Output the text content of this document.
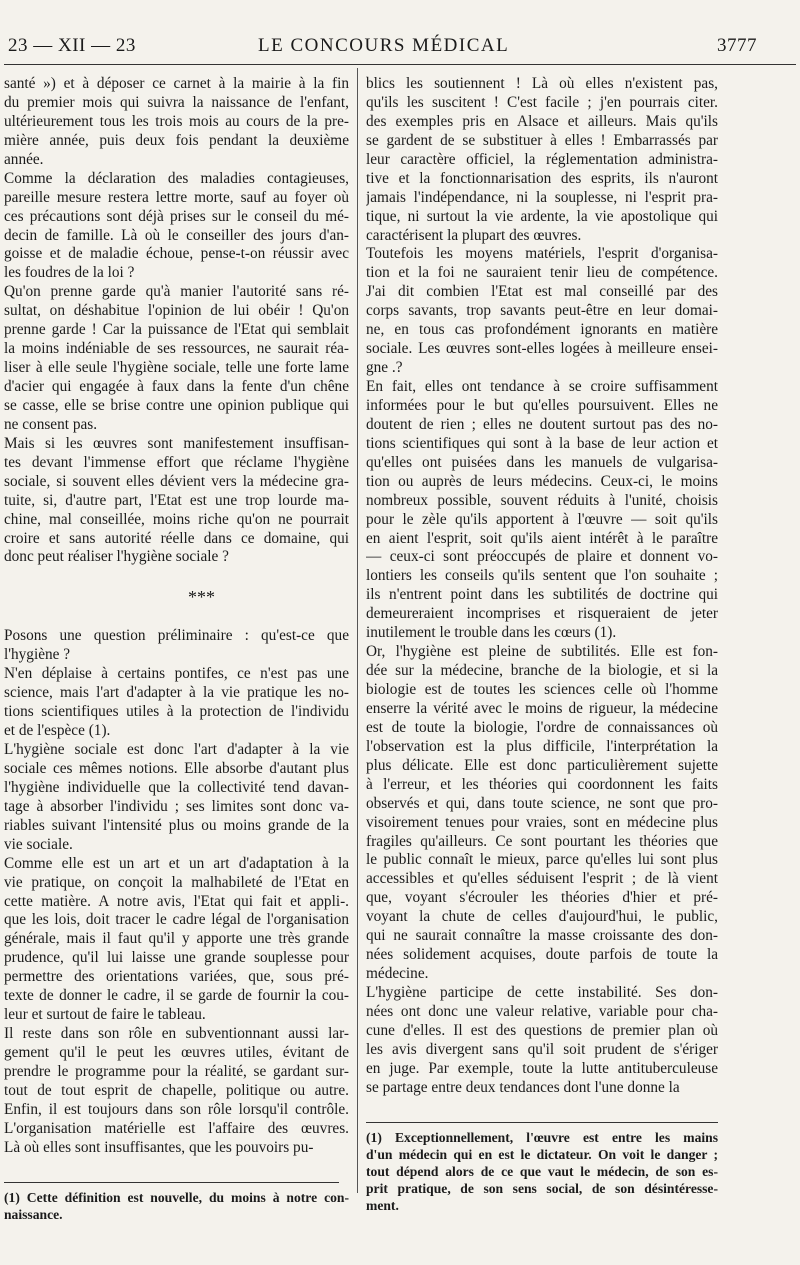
23 — XII — 23	LE CONCOURS MÉDICAL	3777
santé ») et à déposer ce carnet à la mairie à la fin
du premier mois qui suivra la naissance de l'enfant,
ultérieurement tous les trois mois au cours de la pre-
mière année, puis deux fois pendant la deuxième
année.
Comme la déclaration des maladies contagieuses,
pareille mesure restera lettre morte, sauf au foyer où
ces précautions sont déjà prises sur le conseil du mé-
decin de famille. Là où le conseiller des jours d'an-
goisse et de maladie échoue, pense-t-on réussir avec
les foudres de la loi ?
Qu'on prenne garde qu'à manier l'autorité sans ré-
sultat, on déshabitue l'opinion de lui obéir ! Qu'on
prenne garde ! Car la puissance de l'Etat qui semblait
la moins indéniable de ses ressources, ne saurait réa-
liser à elle seule l'hygiène sociale, telle une forte lame
d'acier qui engagée à faux dans la fente d'un chêne
se casse, elle se brise contre une opinion publique qui
ne consent pas.
Mais si les œuvres sont manifestement insuffisan-
tes devant l'immense effort que réclame l'hygiène
sociale, si souvent elles dévient vers la médecine gra-
tuite, si, d'autre part, l'Etat est une trop lourde ma-
chine, mal conseillée, moins riche qu'on ne pourrait
croire et sans autorité réelle dans ce domaine, qui
donc peut réaliser l'hygiène sociale ?
***
Posons une question préliminaire : qu'est-ce que
l'hygiène ?
N'en déplaise à certains pontifes, ce n'est pas une
science, mais l'art d'adapter à la vie pratique les no-
tions scientifiques utiles à la protection de l'individu
et de l'espèce (1).
L'hygiène sociale est donc l'art d'adapter à la vie
sociale ces mêmes notions. Elle absorbe d'autant plus
l'hygiène individuelle que la collectivité tend davan-
tage à absorber l'individu ; ses limites sont donc va-
riables suivant l'intensité plus ou moins grande de la
vie sociale.
Comme elle est un art et un art d'adaptation à la
vie pratique, on conçoit la malhabileté de l'Etat en
cette matière. A notre avis, l'Etat qui fait et appli-.
que les lois, doit tracer le cadre légal de l'organisation
générale, mais il faut qu'il y apporte une très grande
prudence, qu'il lui laisse une grande souplesse pour
permettre des orientations variées, que, sous pré-
texte de donner le cadre, il se garde de fournir la cou-
leur et surtout de faire le tableau.
Il reste dans son rôle en subventionnant aussi lar-
gement qu'il le peut les œuvres utiles, évitant de
prendre le programme pour la réalité, se gardant sur-
tout de tout esprit de chapelle, politique ou autre.
Enfin, il est toujours dans son rôle lorsqu'il contrôle.
L'organisation matérielle est l'affaire des œuvres.
Là où elles sont insuffisantes, que les pouvoirs pu-
(1) Cette définition est nouvelle, du moins à notre con-
naissance.
blics les soutiennent ! Là où elles n'existent pas,
qu'ils les suscitent ! C'est facile ; j'en pourrais citer.
des exemples pris en Alsace et ailleurs. Mais qu'ils
se gardent de se substituer à elles ! Embarrassés par
leur caractère officiel, la réglementation administra-
tive et la fonctionnarisation des esprits, ils n'auront
jamais l'indépendance, ni la souplesse, ni l'esprit pra-
tique, ni surtout la vie ardente, la vie apostolique qui
caractérisent la plupart des œuvres.
Toutefois les moyens matériels, l'esprit d'organisa-
tion et la foi ne sauraient tenir lieu de compétence.
J'ai dit combien l'Etat est mal conseillé par des
corps savants, trop savants peut-être en leur domai-
ne, en tous cas profondément ignorants en matière
sociale. Les œuvres sont-elles logées à meilleure ensei-
gne .?
En fait, elles ont tendance à se croire suffisamment
informées pour le but qu'elles poursuivent. Elles ne
doutent de rien ; elles ne doutent surtout pas des no-
tions scientifiques qui sont à la base de leur action et
qu'elles ont puisées dans les manuels de vulgarisa-
tion ou auprès de leurs médecins. Ceux-ci, le moins
nombreux possible, souvent réduits à l'unité, choisis
pour le zèle qu'ils apportent à l'œuvre — soit qu'ils
en aient l'esprit, soit qu'ils aient intérêt à le paraître
— ceux-ci sont préoccupés de plaire et donnent vo-
lontiers les conseils qu'ils sentent que l'on souhaite ;
ils n'entrent point dans les subtilités de doctrine qui
demeureraient incomprises et risqueraient de jeter
inutilement le trouble dans les cœurs (1).
Or, l'hygiène est pleine de subtilités. Elle est fon-
dée sur la médecine, branche de la biologie, et si la
biologie est de toutes les sciences celle où l'homme
enserre la vérité avec le moins de rigueur, la médecine
est de toute la biologie, l'ordre de connaissances où
l'observation est la plus difficile, l'interprétation la
plus délicate. Elle est donc particulièrement sujette
à l'erreur, et les théories qui coordonnent les faits
observés et qui, dans toute science, ne sont que pro-
visoirement tenues pour vraies, sont en médecine plus
fragiles qu'ailleurs. Ce sont pourtant les théories que
le public connaît le mieux, parce qu'elles lui sont plus
accessibles et qu'elles séduisent l'esprit ; de là vient
que, voyant s'écrouler les théories d'hier et pré-
voyant la chute de celles d'aujourd'hui, le public,
qui ne saurait connaître la masse croissante des don-
nées solidement acquises, doute parfois de toute la
médecine.
L'hygiène participe de cette instabilité. Ses don-
nées ont donc une valeur relative, variable pour cha-
cune d'elles. Il est des questions de premier plan où
les avis divergent sans qu'il soit prudent de s'ériger
en juge. Par exemple, toute la lutte antituberculeuse
se partage entre deux tendances dont l'une donne la
(1) Exceptionnellement, l'œuvre est entre les mains
d'un médecin qui en est le dictateur. On voit le danger ;
tout dépend alors de ce que vaut le médecin, de son es-
prit pratique, de son sens social, de son désintéresse-
ment.
